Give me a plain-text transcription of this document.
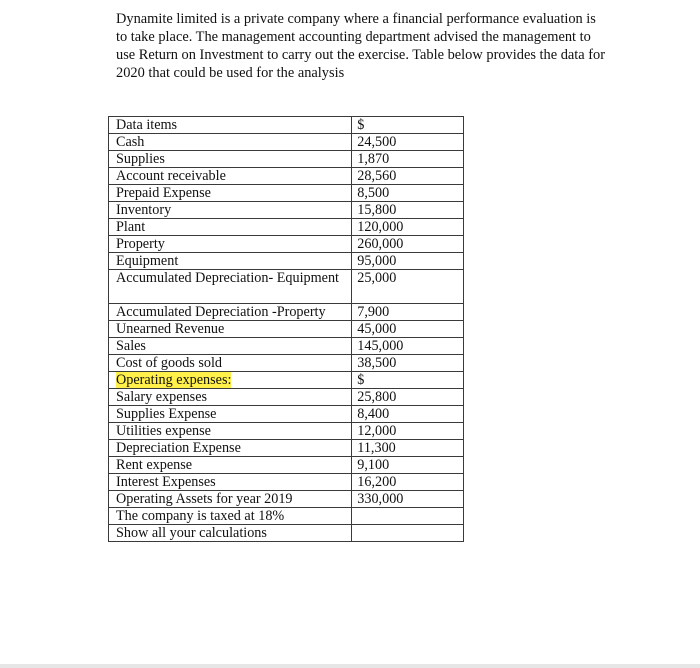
Dynamite limited is a private company where a financial performance evaluation is to take place. The management accounting department advised the management to use Return on Investment to carry out the exercise. Table below provides the data for 2020 that could be used for the analysis

Data items	$
Cash	24,500
Supplies	1,870
Account receivable	28,560
Prepaid Expense	8,500
Inventory	15,800
Plant	120,000
Property	260,000
Equipment	95,000
Accumulated Depreciation- Equipment	25,000
Accumulated Depreciation -Property	7,900
Unearned Revenue	45,000
Sales	145,000
Cost of goods sold	38,500
Operating expenses:	$
Salary expenses	25,800
Supplies Expense	8,400
Utilities expense	12,000
Depreciation Expense	11,300
Rent expense	9,100
Interest Expenses	16,200
Operating Assets for year 2019	330,000
The company is taxed at 18%	
Show all your calculations	
